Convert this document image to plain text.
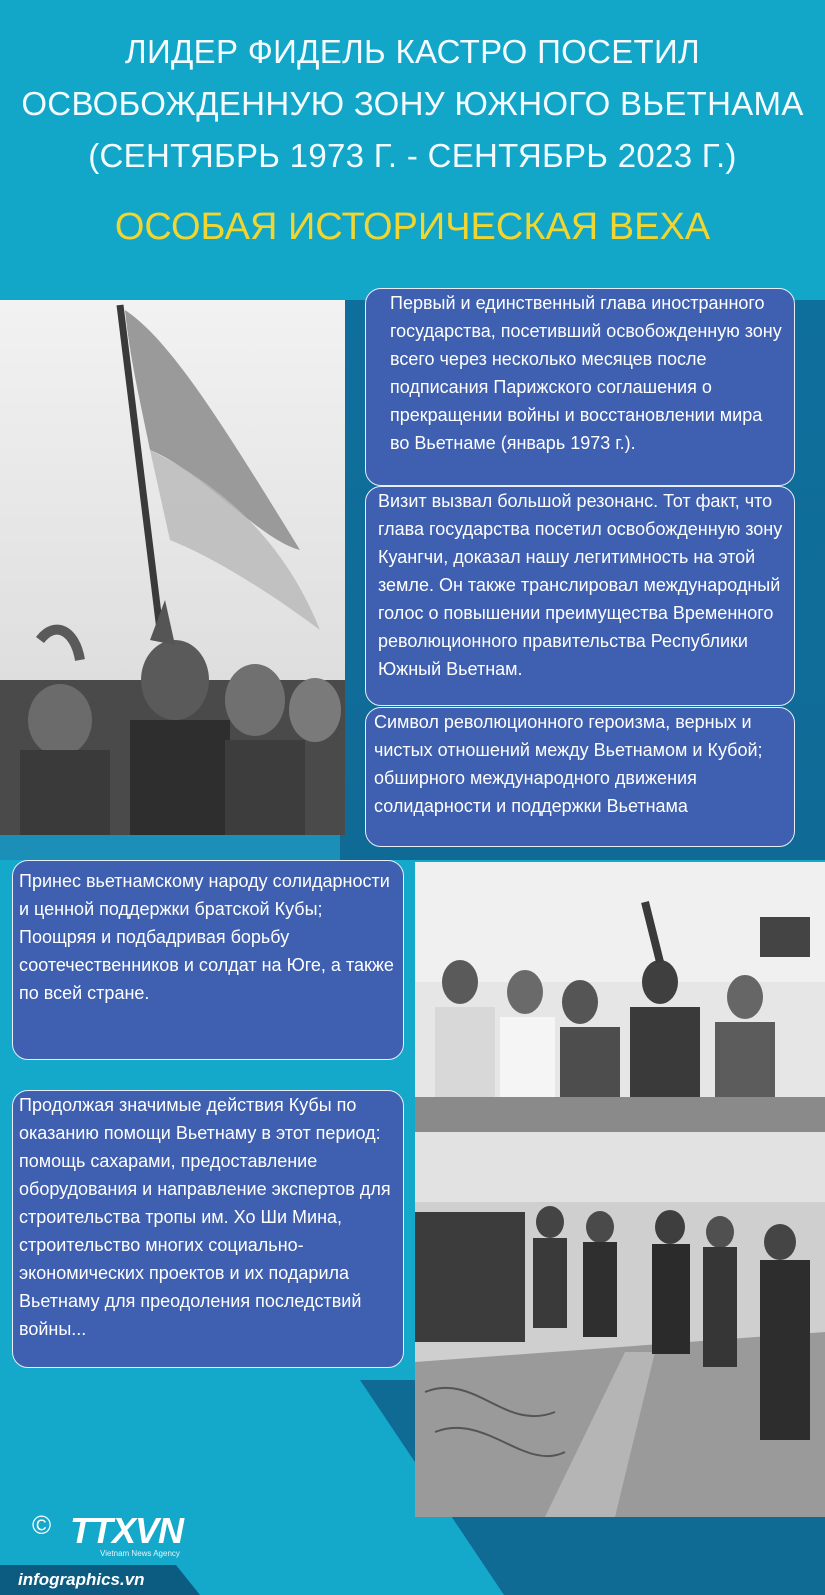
ЛИДЕР ФИДЕЛЬ КАСТРО ПОСЕТИЛ
ОСВОБОЖДЕННУЮ ЗОНУ ЮЖНОГО ВЬЕТНАМА
(СЕНТЯБРЬ 1973 Г. - СЕНТЯБРЬ 2023 Г.)
ОСОБАЯ ИСТОРИЧЕСКАЯ ВЕХА

Первый и единственный глава иностранного государства, посетивший освобожденную зону всего через несколько месяцев после подписания Парижского соглашения о прекращении войны и восстановлении мира во Вьетнаме (январь 1973 г.).

Визит вызвал большой резонанс. Тот факт, что глава государства посетил освобожденную зону Куангчи, доказал нашу легитимность на этой земле. Он также транслировал международный голос о повышении преимущества Временного революционного правительства Республики Южный Вьетнам.

Символ революционного героизма, верных и чистых отношений между Вьетнамом и Кубой; обширного международного движения солидарности и поддержки Вьетнама

Принес вьетнамскому народу солидарности и ценной поддержки братской Кубы; Поощряя и подбадривая борьбу соотечественников и солдат на Юге, а также по всей стране.

Продолжая значимые действия Кубы по оказанию помощи Вьетнаму в этот период: помощь сахарами, предоставление оборудования и направление экспертов для строительства тропы им. Хо Ши Мина, строительство многих социально-экономических проектов и их подарила Вьетнаму для преодоления последствий войны...

© TTXVN
Vietnam News Agency
infographics.vn
